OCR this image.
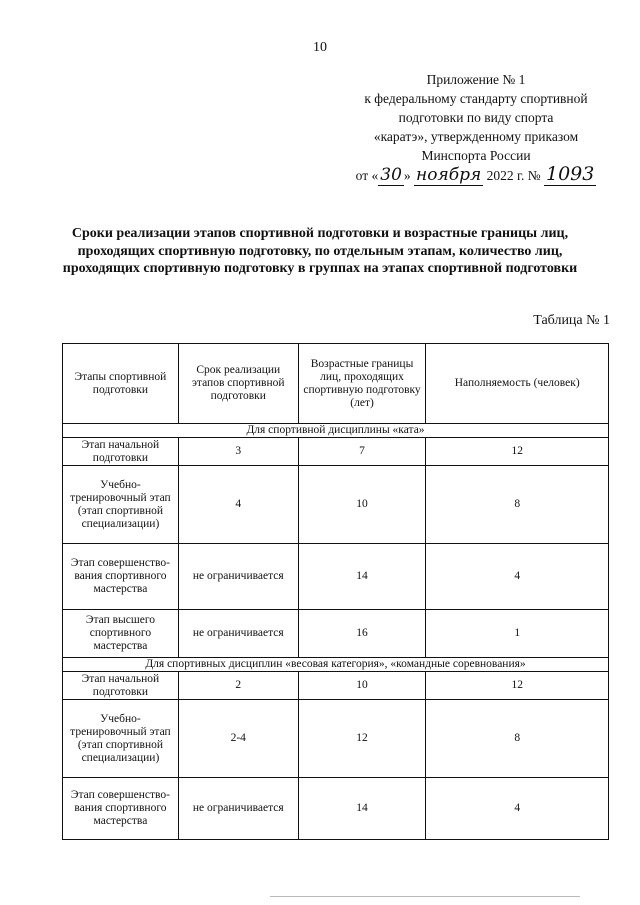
10
Приложение № 1
к федеральному стандарту спортивной
подготовки по виду спорта
«каратэ», утвержденному приказом
Минспорта России
от « 30 » ноября 2022 г. № 1093
Сроки реализации этапов спортивной подготовки и возрастные границы лиц, проходящих спортивную подготовку, по отдельным этапам, количество лиц, проходящих спортивную подготовку в группах на этапах спортивной подготовки
Таблица № 1
Этапы спортивной подготовки	Срок реализации этапов спортивной подготовки	Возрастные границы лиц, проходящих спортивную подготовку (лет)	Наполняемость (человек)
Для спортивной дисциплины «ката»			
Этап начальной подготовки	3	7	12
Учебно-тренировочный этап (этап спортивной специализации)	4	10	8
Этап совершенство-вания спортивного мастерства	не ограничивается	14	4
Этап высшего спортивного мастерства	не ограничивается	16	1
Для спортивных дисциплин «весовая категория», «командные соревнования»			
Этап начальной подготовки	2	10	12
Учебно-тренировочный этап (этап спортивной специализации)	2-4	12	8
Этап совершенство-вания спортивного мастерства	не ограничивается	14	4
